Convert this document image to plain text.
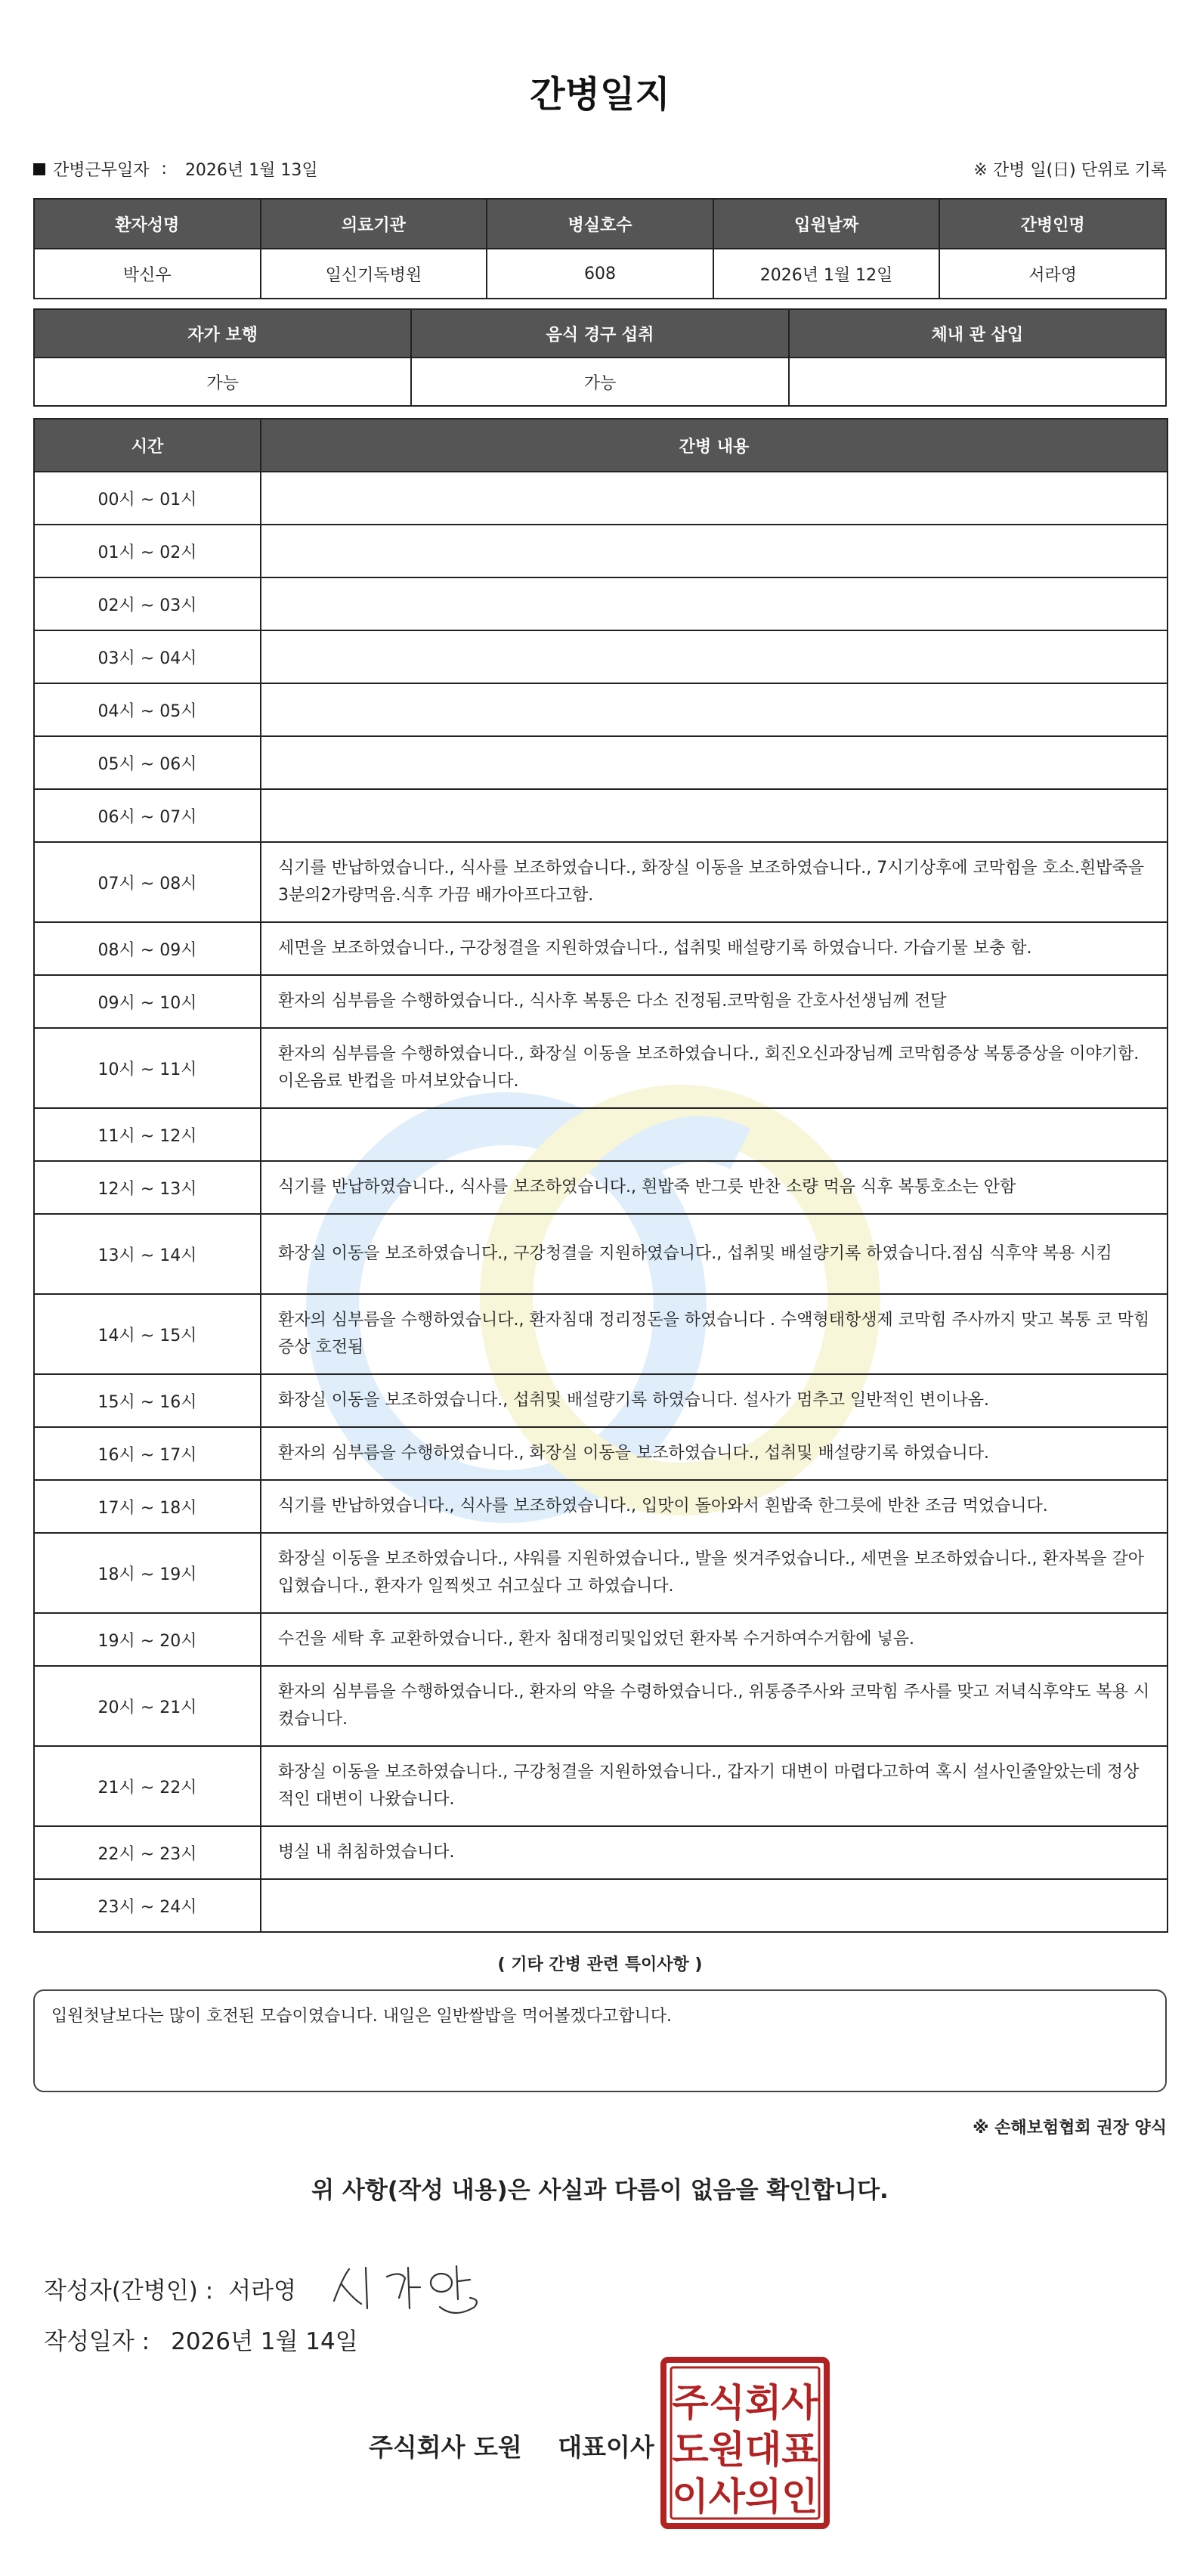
간병일지
간병근무일자 : 2026년 1월 13일	※ 간병 일(日) 단위로 기록
환자성명	의료기관	병실호수	입원날짜	간병인명
박신우	일신기독병원	608	2026년 1월 12일	서라영
자가 보행	음식 경구 섭취	체내 관 삽입
가능	가능	
시간	간병 내용
00시 ~ 01시	
01시 ~ 02시	
02시 ~ 03시	
03시 ~ 04시	
04시 ~ 05시	
05시 ~ 06시	
06시 ~ 07시	
07시 ~ 08시	식기를 반납하였습니다., 식사를 보조하였습니다., 화장실 이동을 보조하였습니다., 7시기상후에 코막힘을 호소.흰밥죽을 3분의2가량먹음.식후 가끔 배가아프다고함.
08시 ~ 09시	세면을 보조하였습니다., 구강청결을 지원하였습니다., 섭취및 배설량기록 하였습니다. 가습기물 보충 함.
09시 ~ 10시	환자의 심부름을 수행하였습니다., 식사후 복통은 다소 진정됨.코막힘을 간호사선생님께 전달
10시 ~ 11시	환자의 심부름을 수행하였습니다., 화장실 이동을 보조하였습니다., 회진오신과장님께 코막힘증상 복통증상을 이야기함. 이온음료 반컵을 마셔보았습니다.
11시 ~ 12시	
12시 ~ 13시	식기를 반납하였습니다., 식사를 보조하였습니다., 흰밥죽 반그릇 반찬 소량 먹음 식후 복통호소는 안함
13시 ~ 14시	화장실 이동을 보조하였습니다., 구강청결을 지원하였습니다., 섭취및 배설량기록 하였습니다.점심 식후약 복용 시킴
14시 ~ 15시	환자의 심부름을 수행하였습니다., 환자침대 정리정돈을 하였습니다 . 수액형태항생제 코막힘 주사까지 맞고 복통 코 막힘 증상 호전됨
15시 ~ 16시	화장실 이동을 보조하였습니다., 섭취및 배설량기록 하였습니다. 설사가 멈추고 일반적인 변이나옴.
16시 ~ 17시	환자의 심부름을 수행하였습니다., 화장실 이동을 보조하였습니다., 섭취및 배설량기록 하였습니다.
17시 ~ 18시	식기를 반납하였습니다., 식사를 보조하였습니다., 입맛이 돌아와서 흰밥죽 한그릇에 반찬 조금 먹었습니다.
18시 ~ 19시	화장실 이동을 보조하였습니다., 샤워를 지원하였습니다., 발을 씻겨주었습니다., 세면을 보조하였습니다., 환자복을 갈아입혔습니다., 환자가 일찍씻고 쉬고싶다 고 하였습니다.
19시 ~ 20시	수건을 세탁 후 교환하였습니다., 환자 침대정리및입었던 환자복 수거하여수거함에 넣음.
20시 ~ 21시	환자의 심부름을 수행하였습니다., 환자의 약을 수령하였습니다., 위통증주사와 코막힘 주사를 맞고 저녁식후약도 복용 시켰습니다.
21시 ~ 22시	화장실 이동을 보조하였습니다., 구강청결을 지원하였습니다., 갑자기 대변이 마렵다고하여 혹시 설사인줄알았는데 정상적인 대변이 나왔습니다.
22시 ~ 23시	병실 내 취침하였습니다.
23시 ~ 24시	
( 기타 간병 관련 특이사항 )
입원첫날보다는 많이 호전된 모습이였습니다. 내일은 일반쌀밥을 먹어볼겠다고합니다.
※ 손해보험협회 권장 양식
위 사항(작성 내용)은 사실과 다름이 없음을 확인합니다.
작성자(간병인) : 서라영
작성일자 : 2026년 1월 14일
주식회사 도원 대표이사
주식회사
도원대표
이사의인
